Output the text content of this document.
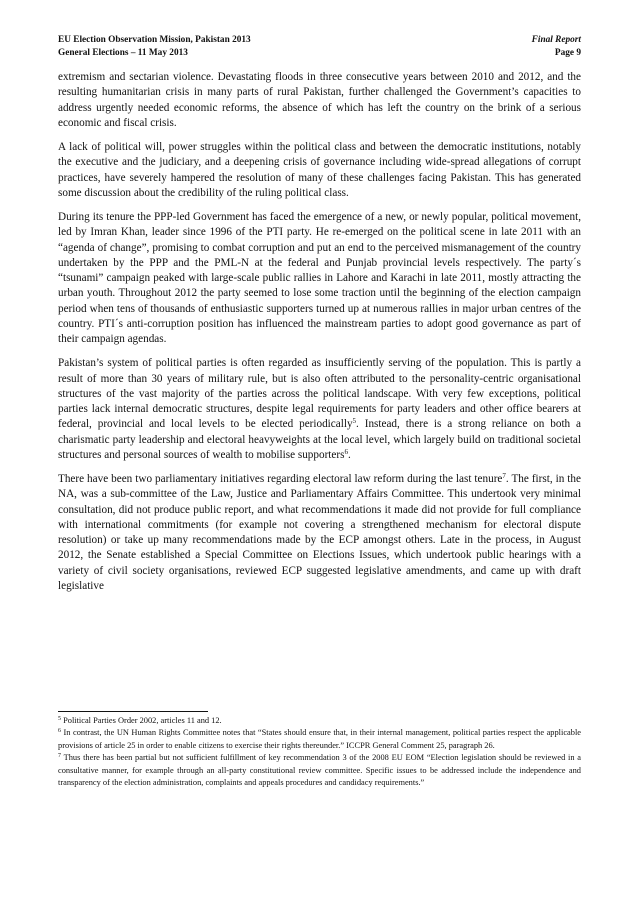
EU Election Observation Mission, Pakistan 2013	Final Report
General Elections – 11 May 2013	Page 9

extremism and sectarian violence. Devastating floods in three consecutive years between 2010 and 2012, and the resulting humanitarian crisis in many parts of rural Pakistan, further challenged the Government’s capacities to address urgently needed economic reforms, the absence of which has left the country on the brink of a serious economic and fiscal crisis.

A lack of political will, power struggles within the political class and between the democratic institutions, notably the executive and the judiciary, and a deepening crisis of governance including wide-spread allegations of corrupt practices, have severely hampered the resolution of many of these challenges facing Pakistan. This has generated some discussion about the credibility of the ruling political class.

During its tenure the PPP-led Government has faced the emergence of a new, or newly popular, political movement, led by Imran Khan, leader since 1996 of the PTI party. He re-emerged on the political scene in late 2011 with an “agenda of change”, promising to combat corruption and put an end to the perceived mismanagement of the country undertaken by the PPP and the PML-N at the federal and Punjab provincial levels respectively. The party´s “tsunami” campaign peaked with large-scale public rallies in Lahore and Karachi in late 2011, mostly attracting the urban youth. Throughout 2012 the party seemed to lose some traction until the beginning of the election campaign period when tens of thousands of enthusiastic supporters turned up at numerous rallies in major urban centres of the country. PTI´s anti-corruption position has influenced the mainstream parties to adopt good governance as part of their campaign agendas.

Pakistan’s system of political parties is often regarded as insufficiently serving of the population. This is partly a result of more than 30 years of military rule, but is also often attributed to the personality-centric organisational structures of the vast majority of the parties across the political landscape. With very few exceptions, political parties lack internal democratic structures, despite legal requirements for party leaders and other office bearers at federal, provincial and local levels to be elected periodically$^5$. Instead, there is a strong reliance on both a charismatic party leadership and electoral heavyweights at the local level, which largely build on traditional societal structures and personal sources of wealth to mobilise supporters$^6$.

There have been two parliamentary initiatives regarding electoral law reform during the last tenure$^7$. The first, in the NA, was a sub-committee of the Law, Justice and Parliamentary Affairs Committee. This undertook very minimal consultation, did not produce public report, and what recommendations it made did not provide for full compliance with international commitments (for example not covering a strengthened mechanism for electoral dispute resolution) or take up many recommendations made by the ECP amongst others. Late in the process, in August 2012, the Senate established a Special Committee on Elections Issues, which undertook public hearings with a variety of civil society organisations, reviewed ECP suggested legislative amendments, and came up with draft legislative

$^5$ Political Parties Order 2002, articles 11 and 12.

$^6$ In contrast, the UN Human Rights Committee notes that “States should ensure that, in their internal management, political parties respect the applicable provisions of article 25 in order to enable citizens to exercise their rights thereunder.” ICCPR General Comment 25, paragraph 26.

$^7$ Thus there has been partial but not sufficient fulfillment of key recommendation 3 of the 2008 EU EOM “Election legislation should be reviewed in a consultative manner, for example through an all-party constitutional review committee. Specific issues to be addressed include the independence and transparency of the election administration, complaints and appeals procedures and candidacy requirements.”
